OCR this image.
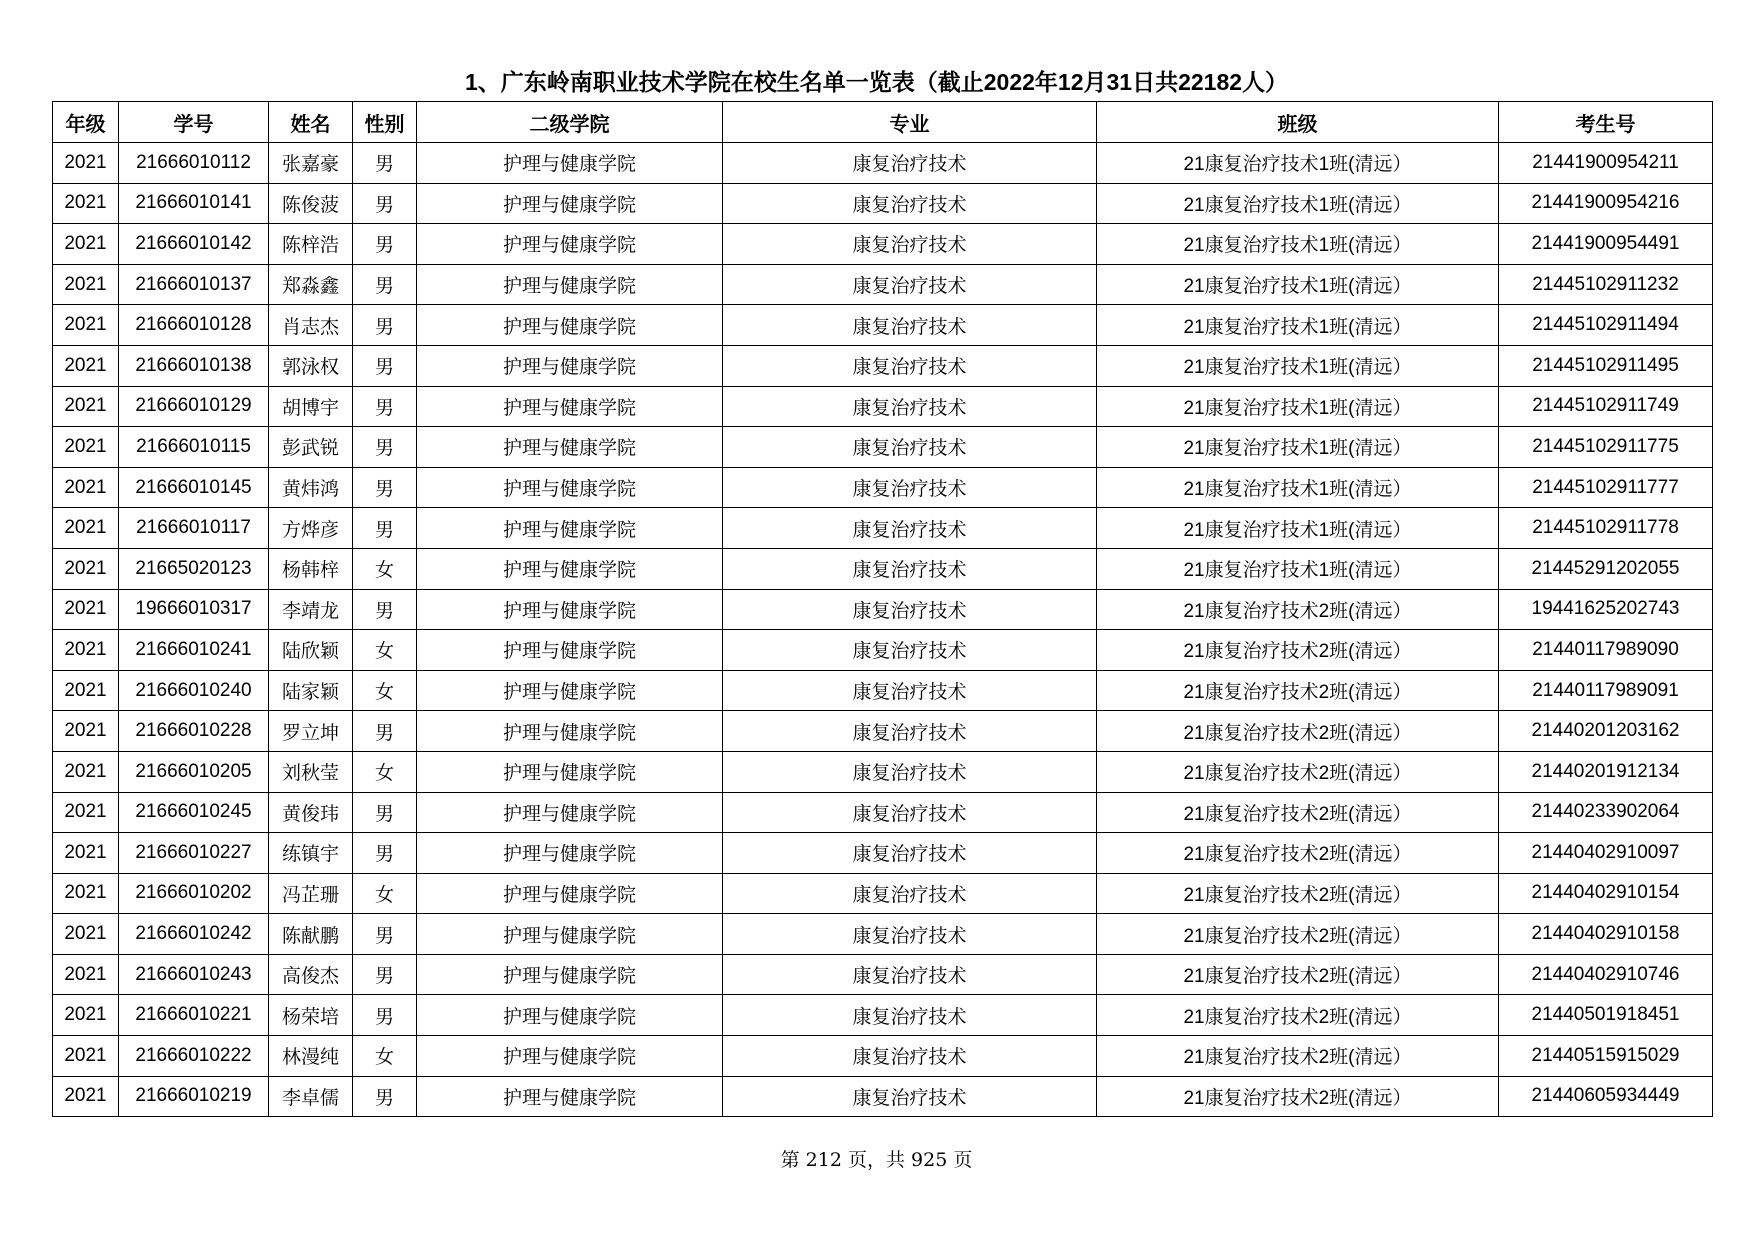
1、广东岭南职业技术学院在校生名单一览表（截止2022年12月31日共22182人）
年级	学号	姓名	性别	二级学院	专业	班级	考生号
2021	21666010112	张嘉豪	男	护理与健康学院	康复治疗技术	21康复治疗技术1班(清远）	21441900954211
2021	21666010141	陈俊菠	男	护理与健康学院	康复治疗技术	21康复治疗技术1班(清远）	21441900954216
2021	21666010142	陈梓浩	男	护理与健康学院	康复治疗技术	21康复治疗技术1班(清远）	21441900954491
2021	21666010137	郑淼鑫	男	护理与健康学院	康复治疗技术	21康复治疗技术1班(清远）	21445102911232
2021	21666010128	肖志杰	男	护理与健康学院	康复治疗技术	21康复治疗技术1班(清远）	21445102911494
2021	21666010138	郭泳权	男	护理与健康学院	康复治疗技术	21康复治疗技术1班(清远）	21445102911495
2021	21666010129	胡博宇	男	护理与健康学院	康复治疗技术	21康复治疗技术1班(清远）	21445102911749
2021	21666010115	彭武锐	男	护理与健康学院	康复治疗技术	21康复治疗技术1班(清远）	21445102911775
2021	21666010145	黄炜鸿	男	护理与健康学院	康复治疗技术	21康复治疗技术1班(清远）	21445102911777
2021	21666010117	方烨彦	男	护理与健康学院	康复治疗技术	21康复治疗技术1班(清远）	21445102911778
2021	21665020123	杨韩梓	女	护理与健康学院	康复治疗技术	21康复治疗技术1班(清远）	21445291202055
2021	19666010317	李靖龙	男	护理与健康学院	康复治疗技术	21康复治疗技术2班(清远）	19441625202743
2021	21666010241	陆欣颖	女	护理与健康学院	康复治疗技术	21康复治疗技术2班(清远）	21440117989090
2021	21666010240	陆家颖	女	护理与健康学院	康复治疗技术	21康复治疗技术2班(清远）	21440117989091
2021	21666010228	罗立坤	男	护理与健康学院	康复治疗技术	21康复治疗技术2班(清远）	21440201203162
2021	21666010205	刘秋莹	女	护理与健康学院	康复治疗技术	21康复治疗技术2班(清远）	21440201912134
2021	21666010245	黄俊玮	男	护理与健康学院	康复治疗技术	21康复治疗技术2班(清远）	21440233902064
2021	21666010227	练镇宇	男	护理与健康学院	康复治疗技术	21康复治疗技术2班(清远）	21440402910097
2021	21666010202	冯芷珊	女	护理与健康学院	康复治疗技术	21康复治疗技术2班(清远）	21440402910154
2021	21666010242	陈献鹏	男	护理与健康学院	康复治疗技术	21康复治疗技术2班(清远）	21440402910158
2021	21666010243	高俊杰	男	护理与健康学院	康复治疗技术	21康复治疗技术2班(清远）	21440402910746
2021	21666010221	杨荣培	男	护理与健康学院	康复治疗技术	21康复治疗技术2班(清远）	21440501918451
2021	21666010222	林漫纯	女	护理与健康学院	康复治疗技术	21康复治疗技术2班(清远）	21440515915029
2021	21666010219	李卓儒	男	护理与健康学院	康复治疗技术	21康复治疗技术2班(清远）	21440605934449
第 212 页，共 925 页
